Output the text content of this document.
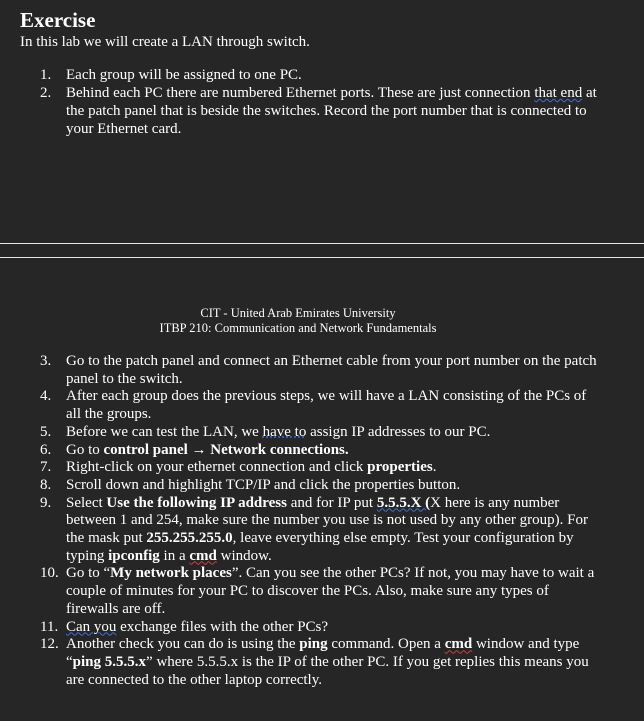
Exercise
In this lab we will create a LAN through switch.
1. Each group will be assigned to one PC.
2. Behind each PC there are numbered Ethernet ports. These are just connection that end at the patch panel that is beside the switches. Record the port number that is connected to your Ethernet card.
CIT - United Arab Emirates University
ITBP 210: Communication and Network Fundamentals
3. Go to the patch panel and connect an Ethernet cable from your port number on the patch panel to the switch.
4. After each group does the previous steps, we will have a LAN consisting of the PCs of all the groups.
5. Before we can test the LAN, we have to assign IP addresses to our PC.
6. Go to control panel → Network connections.
7. Right-click on your ethernet connection and click properties.
8. Scroll down and highlight TCP/IP and click the properties button.
9. Select Use the following IP address and for IP put 5.5.5.X (X here is any number between 1 and 254, make sure the number you use is not used by any other group). For the mask put 255.255.255.0, leave everything else empty. Test your configuration by typing ipconfig in a cmd window.
10. Go to “My network places”. Can you see the other PCs? If not, you may have to wait a couple of minutes for your PC to discover the PCs. Also, make sure any types of firewalls are off.
11. Can you exchange files with the other PCs?
12. Another check you can do is using the ping command. Open a cmd window and type “ping 5.5.5.x” where 5.5.5.x is the IP of the other PC. If you get replies this means you are connected to the other laptop correctly.
